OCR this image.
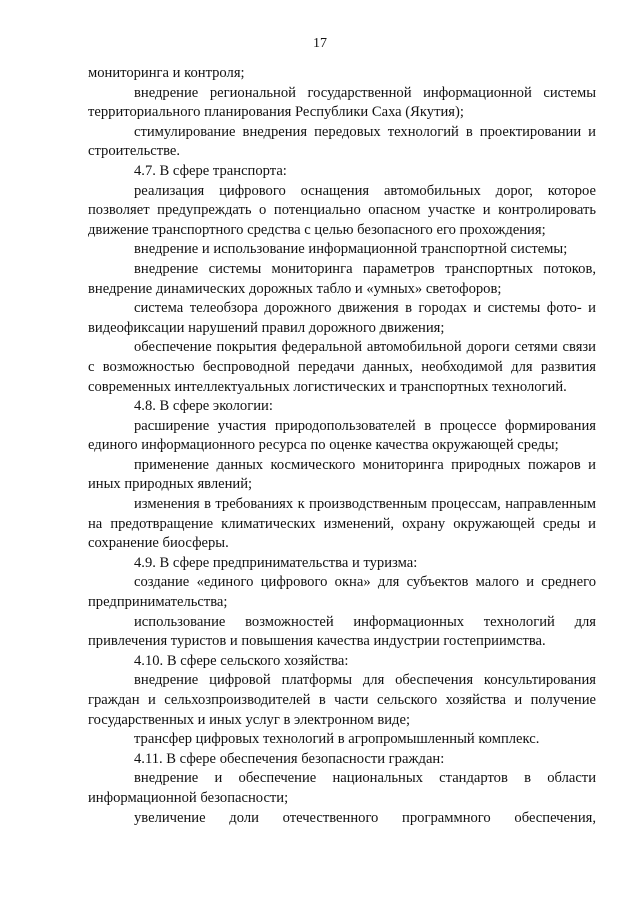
17

мониторинга и контроля;

внедрение региональной государственной информационной системы территориального планирования Республики Саха (Якутия);

стимулирование внедрения передовых технологий в проектировании и строительстве.

4.7. В сфере транспорта:

реализация цифрового оснащения автомобильных дорог, которое позволяет предупреждать о потенциально опасном участке и контролировать движение транспортного средства с целью безопасного его прохождения;

внедрение и использование информационной транспортной системы;

внедрение системы мониторинга параметров транспортных потоков, внедрение динамических дорожных табло и «умных» светофоров;

система телеобзора дорожного движения в городах и системы фото- и видеофиксации нарушений правил дорожного движения;

обеспечение покрытия федеральной автомобильной дороги сетями связи с возможностью беспроводной передачи данных, необходимой для развития современных интеллектуальных логистических и транспортных технологий.

4.8. В сфере экологии:

расширение участия природопользователей в процессе формирования единого информационного ресурса по оценке качества окружающей среды;

применение данных космического мониторинга природных пожаров и иных природных явлений;

изменения в требованиях к производственным процессам, направленным на предотвращение климатических изменений, охрану окружающей среды и сохранение биосферы.

4.9. В сфере предпринимательства и туризма:

создание «единого цифрового окна» для субъектов малого и среднего предпринимательства;

использование возможностей информационных технологий для привлечения туристов и повышения качества индустрии гостеприимства.

4.10. В сфере сельского хозяйства:

внедрение цифровой платформы для обеспечения консультирования граждан и сельхозпроизводителей в части сельского хозяйства и получение государственных и иных услуг в электронном виде;

трансфер цифровых технологий в агропромышленный комплекс.

4.11. В сфере обеспечения безопасности граждан:

внедрение и обеспечение национальных стандартов в области информационной безопасности;

увеличение доли отечественного программного обеспечения,
